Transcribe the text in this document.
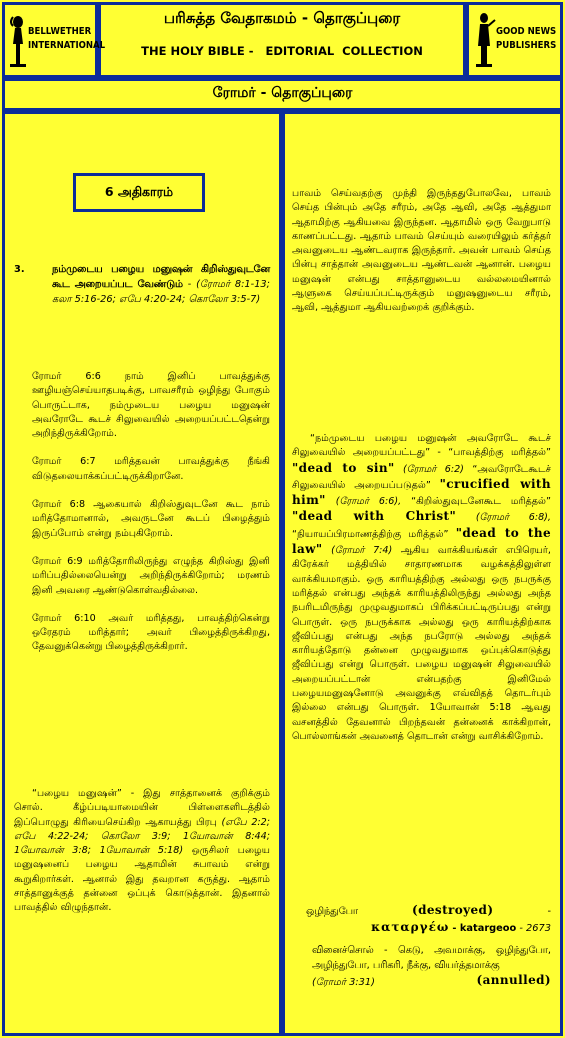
BELLWETHER
INTERNATIONAL
பரிசுத்த வேதாகமம் - தொகுப்புரை
THE HOLY BIBLE -   EDITORIAL  COLLECTION
GOOD NEWS
PUBLISHERS
ரோமர் - தொகுப்புரை
6 அதிகாரம்
3.	நம்முடைய பழைய மனுஷன் கிறிஸ்துவுடனே கூட அறையப்பட வேண்டும் - (ரோமர் 8:1-13; கலா 5:16-26; எபே 4:20-24; கொலோ 3:5-7)

ரோமர் 6:6 நாம் இனிப் பாவத்துக்கு ஊழியஞ்செய்யாதபடிக்கு, பாவசரீரம் ஒழிந்து போகும் பொருட்டாக, நம்முடைய பழைய மனுஷன் அவரோடே கூடச் சிலுவையில் அறையப்பட்டதென்று அறிந்திருக்கிறோம்.

ரோமர் 6:7 மரித்தவன் பாவத்துக்கு நீங்கி விடுதலையாக்கப்பட்டிருக்கிறானே.

ரோமர் 6:8 ஆகையால் கிறிஸ்துவுடனே கூட நாம் மரித்தோமானால், அவருடனே கூடப் பிழைத்தும் இருப்போம் என்று நம்புகிறோம்.

ரோமர் 6:9 மரித்தோரிலிருந்து எழுந்த கிறிஸ்து இனி மரிப்பதில்லையென்று அறிந்திருக்கிறோம்; மரணம் இனி அவரை ஆண்டுகொள்வதில்லை.

ரோமர் 6:10 அவர் மரித்தது, பாவத்திற்கென்று ஒரேதரம் மரித்தார்; அவர் பிழைத்திருக்கிறது, தேவனுக்கென்று பிழைத்திருக்கிறார்.

“பழைய மனுஷன்” - இது சாத்தானைக் குறிக்கும் சொல். கீழ்ப்படியாமையின் பிள்ளைகளிடத்தில் இப்பொழுது கிரியைசெய்கிற ஆகாயத்து பிரபு (எபே 2:2; எபே 4:22-24; கொலோ 3:9; 1யோவான் 8:44; 1யோவான் 3:8; 1யோவான் 5:18) ஒருசிலர் பழைய மனுஷனைப் பழைய ஆதாமின் சுபாவம் என்று கூறுகிறார்கள். ஆனால் இது தவறான கருத்து. ஆதாம் சாத்தானுக்குத் தன்னை ஒப்புக் கொடுத்தான். இதனால் பாவத்தில் விழுந்தான்.
பாவம் செய்வதற்கு முந்தி இருந்ததுபோலவே, பாவம் செய்த பின்பும் அதே சரீரம், அதே ஆவி, அதே ஆத்துமா ஆதாமிற்கு ஆகியவை இருந்தன. ஆதாமில் ஒரு வேறுபாடு காணப்பட்டது. ஆதாம் பாவம் செய்யும் வரையிலும் கர்த்தர் அவனுடைய ஆண்டவராக இருந்தார். அவன் பாவம் செய்த பின்பு சாத்தான் அவனுடைய ஆண்டவன் ஆனான். பழைய மனுஷன் என்பது சாத்தானுடைய வல்லமையினால் ஆளுகை செய்யப்பட்டிருக்கும் மனுஷனுடைய சரீரம், ஆவி, ஆத்துமா ஆகியவற்றைக் குறிக்கும்.
“நம்முடைய பழைய மனுஷன் அவரோடே கூடச் சிலுவையில் அறையப்பட்டது” - “பாவத்திற்கு மரித்தல்” "dead to sin" (ரோமர் 6:2) “அவரோடேகூடச் சிலுவையில் அறையப்படுதல்” "crucified with him" (ரோமர் 6:6), “கிறிஸ்துவுடனேகூட மரித்தல்” "dead with Christ" (ரோமர் 6:8), “நியாயப்பிரமாணத்திற்கு மரித்தல்” "dead to the law" (ரோமர் 7:4) ஆகிய வாக்கியங்கள் எபிரெயர், கிரேக்கர் மத்தியில் சாதாரணமாக வழக்கத்திலுள்ள வாக்கியமாகும். ஒரு காரியத்திற்கு அல்லது ஒரு நபருக்கு மரித்தல் என்பது அந்தக் காரியத்திலிருந்து அல்லது அந்த நபரிடமிருந்து முழுவதுமாகப் பிரிக்கப்பட்டிருப்பது என்று பொருள். ஒரு நபருக்காக அல்லது ஒரு காரியத்திற்காக ஜீவிப்பது என்பது அந்த நபரோடு அல்லது அந்தக் காரியத்தோடு தன்னை முழுவதுமாக ஒப்புக்கொடுத்து ஜீவிப்பது என்று பொருள். பழைய மனுஷன் சிலுவையில் அறையப்பட்டான் என்பதற்கு இனிமேல் பழையமனுஷனோடு அவனுக்கு எவ்விதத் தொடர்பும் இல்லை என்பது பொருள். 1யோவான் 5:18 ஆவது வசனத்தில் தேவனால் பிறந்தவன் தன்னைக் காக்கிறான், பொல்லாங்கன் அவனைத் தொடான் என்று வாசிக்கிறோம்.
ஒழிந்துபோ	(destroyed)	-
καταργέω - katargeoo - 2673
வினைச்சொல் - கெடு, அவமாக்கு, ஒழிந்துபோ, அழிந்துபோ, பரிகரி, நீக்கு, வியர்த்தமாக்கு
(annulled)
(ரோமர் 3:31)
